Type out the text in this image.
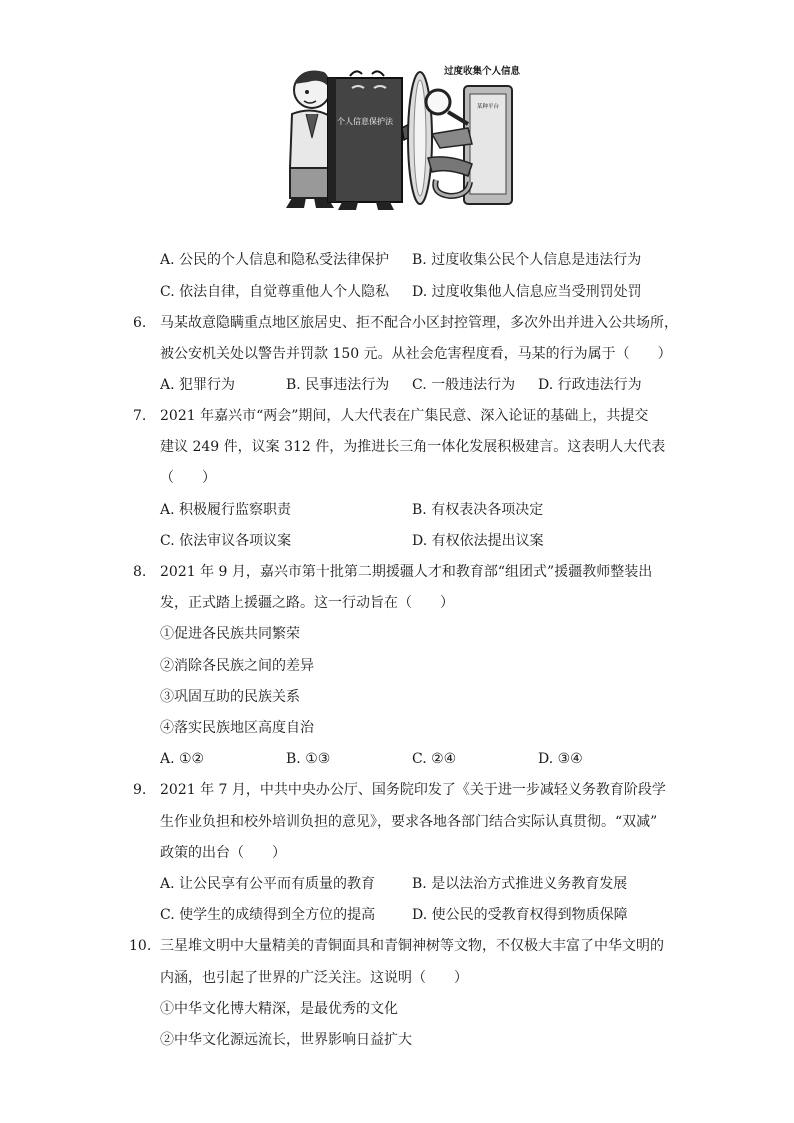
个人信息保护法
过度收集个人信息
某种平台
A. 公民的个人信息和隐私受法律保护 B. 过度收集公民个人信息是违法行为
C. 依法自律，自觉尊重他人个人隐私 D. 过度收集他人信息应当受刑罚处罚
6. 马某故意隐瞒重点地区旅居史、拒不配合小区封控管理，多次外出并进入公共场所，
被公安机关处以警告并罚款 150 元。从社会危害程度看，马某的行为属于（　　）
A. 犯罪行为	B. 民事违法行为 C. 一般违法行为 D. 行政违法行为
7. 2021 年嘉兴市“两会”期间，人大代表在广集民意、深入论证的基础上，共提交
建议 249 件，议案 312 件，为推进长三角一体化发展积极建言。这表明人大代表
（　　）
A. 积极履行监察职责	B. 有权表决各项决定
C. 依法审议各项议案	D. 有权依法提出议案
8. 2021 年 9 月，嘉兴市第十批第二期援疆人才和教育部“组团式”援疆教师整装出
发，正式踏上援疆之路。这一行动旨在（　　）
①促进各民族共同繁荣
②消除各民族之间的差异
③巩固互助的民族关系
④落实民族地区高度自治
A. ①②	B. ①③	C. ②④	D. ③④
9. 2021 年 7 月，中共中央办公厅、国务院印发了《关于进一步减轻义务教育阶段学
生作业负担和校外培训负担的意见》，要求各地各部门结合实际认真贯彻。“双减”
政策的出台（　　）
A. 让公民享有公平而有质量的教育	B. 是以法治方式推进义务教育发展
C. 使学生的成绩得到全方位的提高	D. 使公民的受教育权得到物质保障
10. 三星堆文明中大量精美的青铜面具和青铜神树等文物，不仅极大丰富了中华文明的
内涵，也引起了世界的广泛关注。这说明（　　）
①中华文化博大精深，是最优秀的文化
②中华文化源远流长，世界影响日益扩大
